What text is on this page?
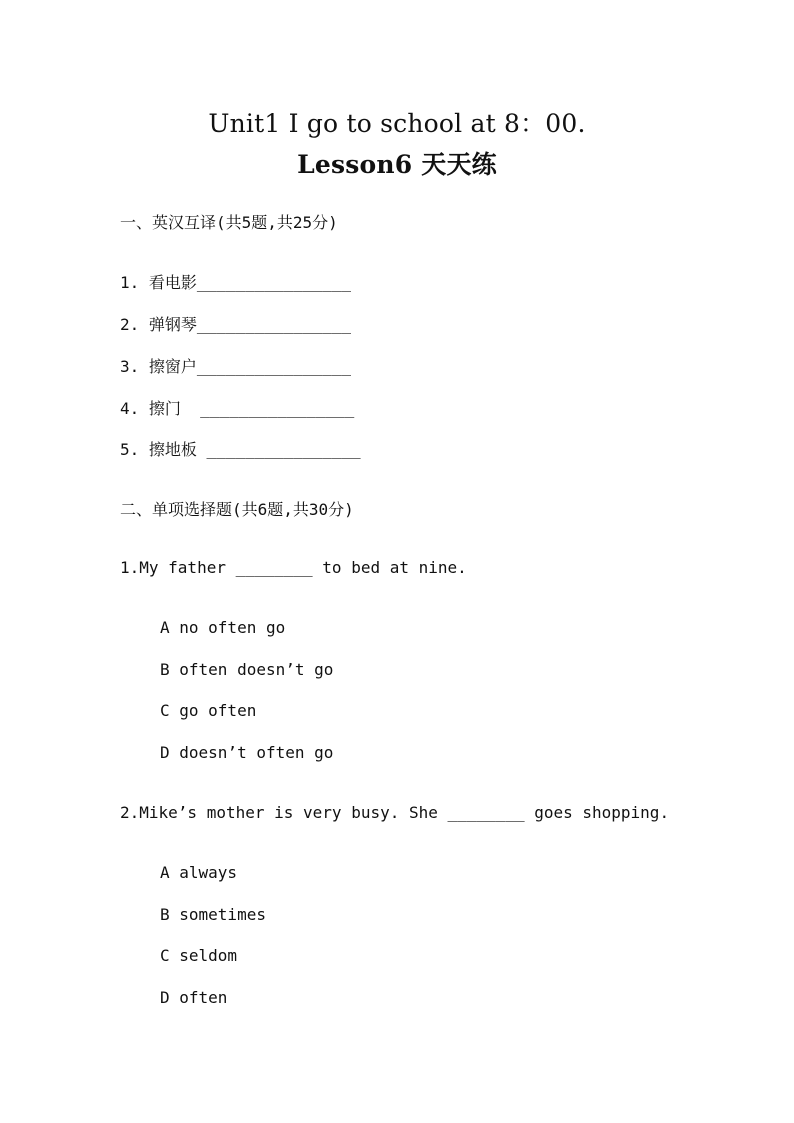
Unit1 I go to school at 8：00.
Lesson6 天天练
一、英汉互译(共5题,共25分)
1. 看电影________________
2. 弹钢琴________________
3. 擦窗户________________
4. 擦门  ________________
5. 擦地板 ________________
二、单项选择题(共6题,共30分)
1.My father ________ to bed at nine.
A no often go
B often doesn’t go
C go often
D doesn’t often go
2.Mike’s mother is very busy. She ________ goes shopping.
A always
B sometimes
C seldom
D often
